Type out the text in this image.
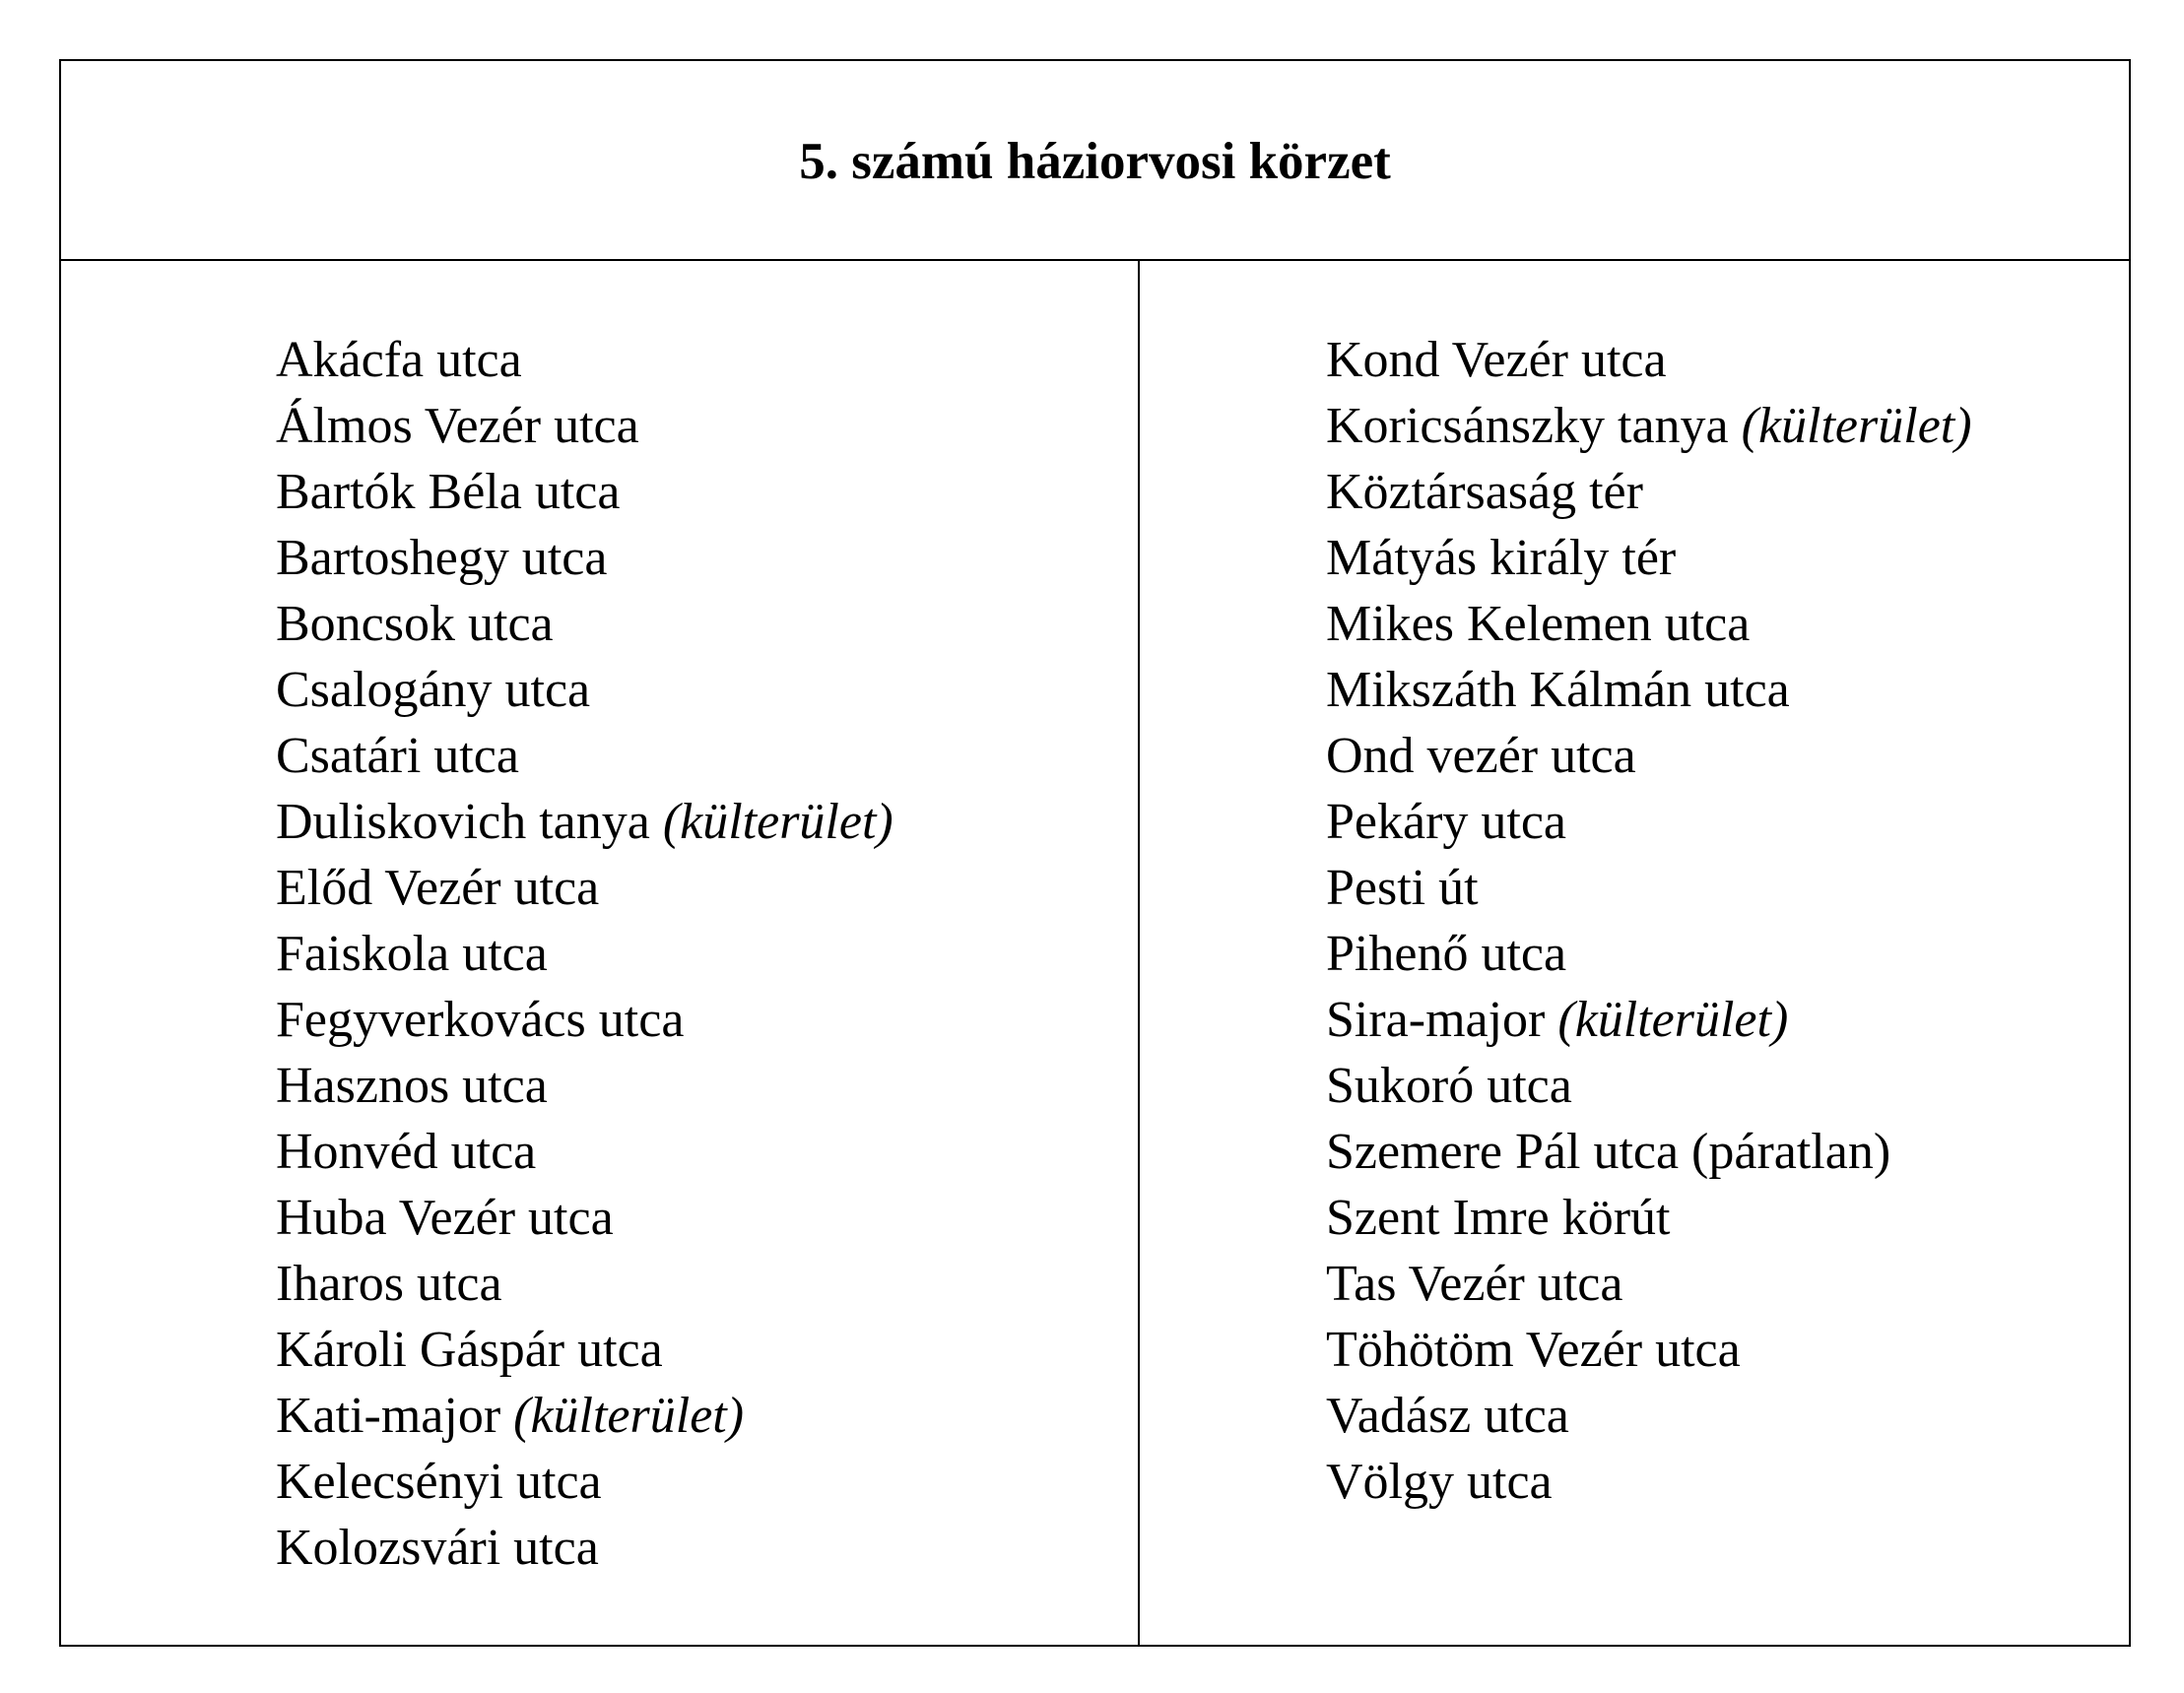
5. számú háziorvosi körzet
Akácfa utca
Álmos Vezér utca
Bartók Béla utca
Bartoshegy utca
Boncsok utca
Csalogány utca
Csatári utca
Duliskovich tanya (külterület)
Előd Vezér utca
Faiskola utca
Fegyverkovács utca
Hasznos utca
Honvéd utca
Huba Vezér utca
Iharos utca
Károli Gáspár utca
Kati-major (külterület)
Kelecsényi utca
Kolozsvári utca
Kond Vezér utca
Koricsánszky tanya (külterület)
Köztársaság tér
Mátyás király tér
Mikes Kelemen utca
Mikszáth Kálmán utca
Ond vezér utca
Pekáry utca
Pesti út
Pihenő utca
Sira-major (külterület)
Sukoró utca
Szemere Pál utca (páratlan)
Szent Imre körút
Tas Vezér utca
Töhötöm Vezér utca
Vadász utca
Völgy utca
